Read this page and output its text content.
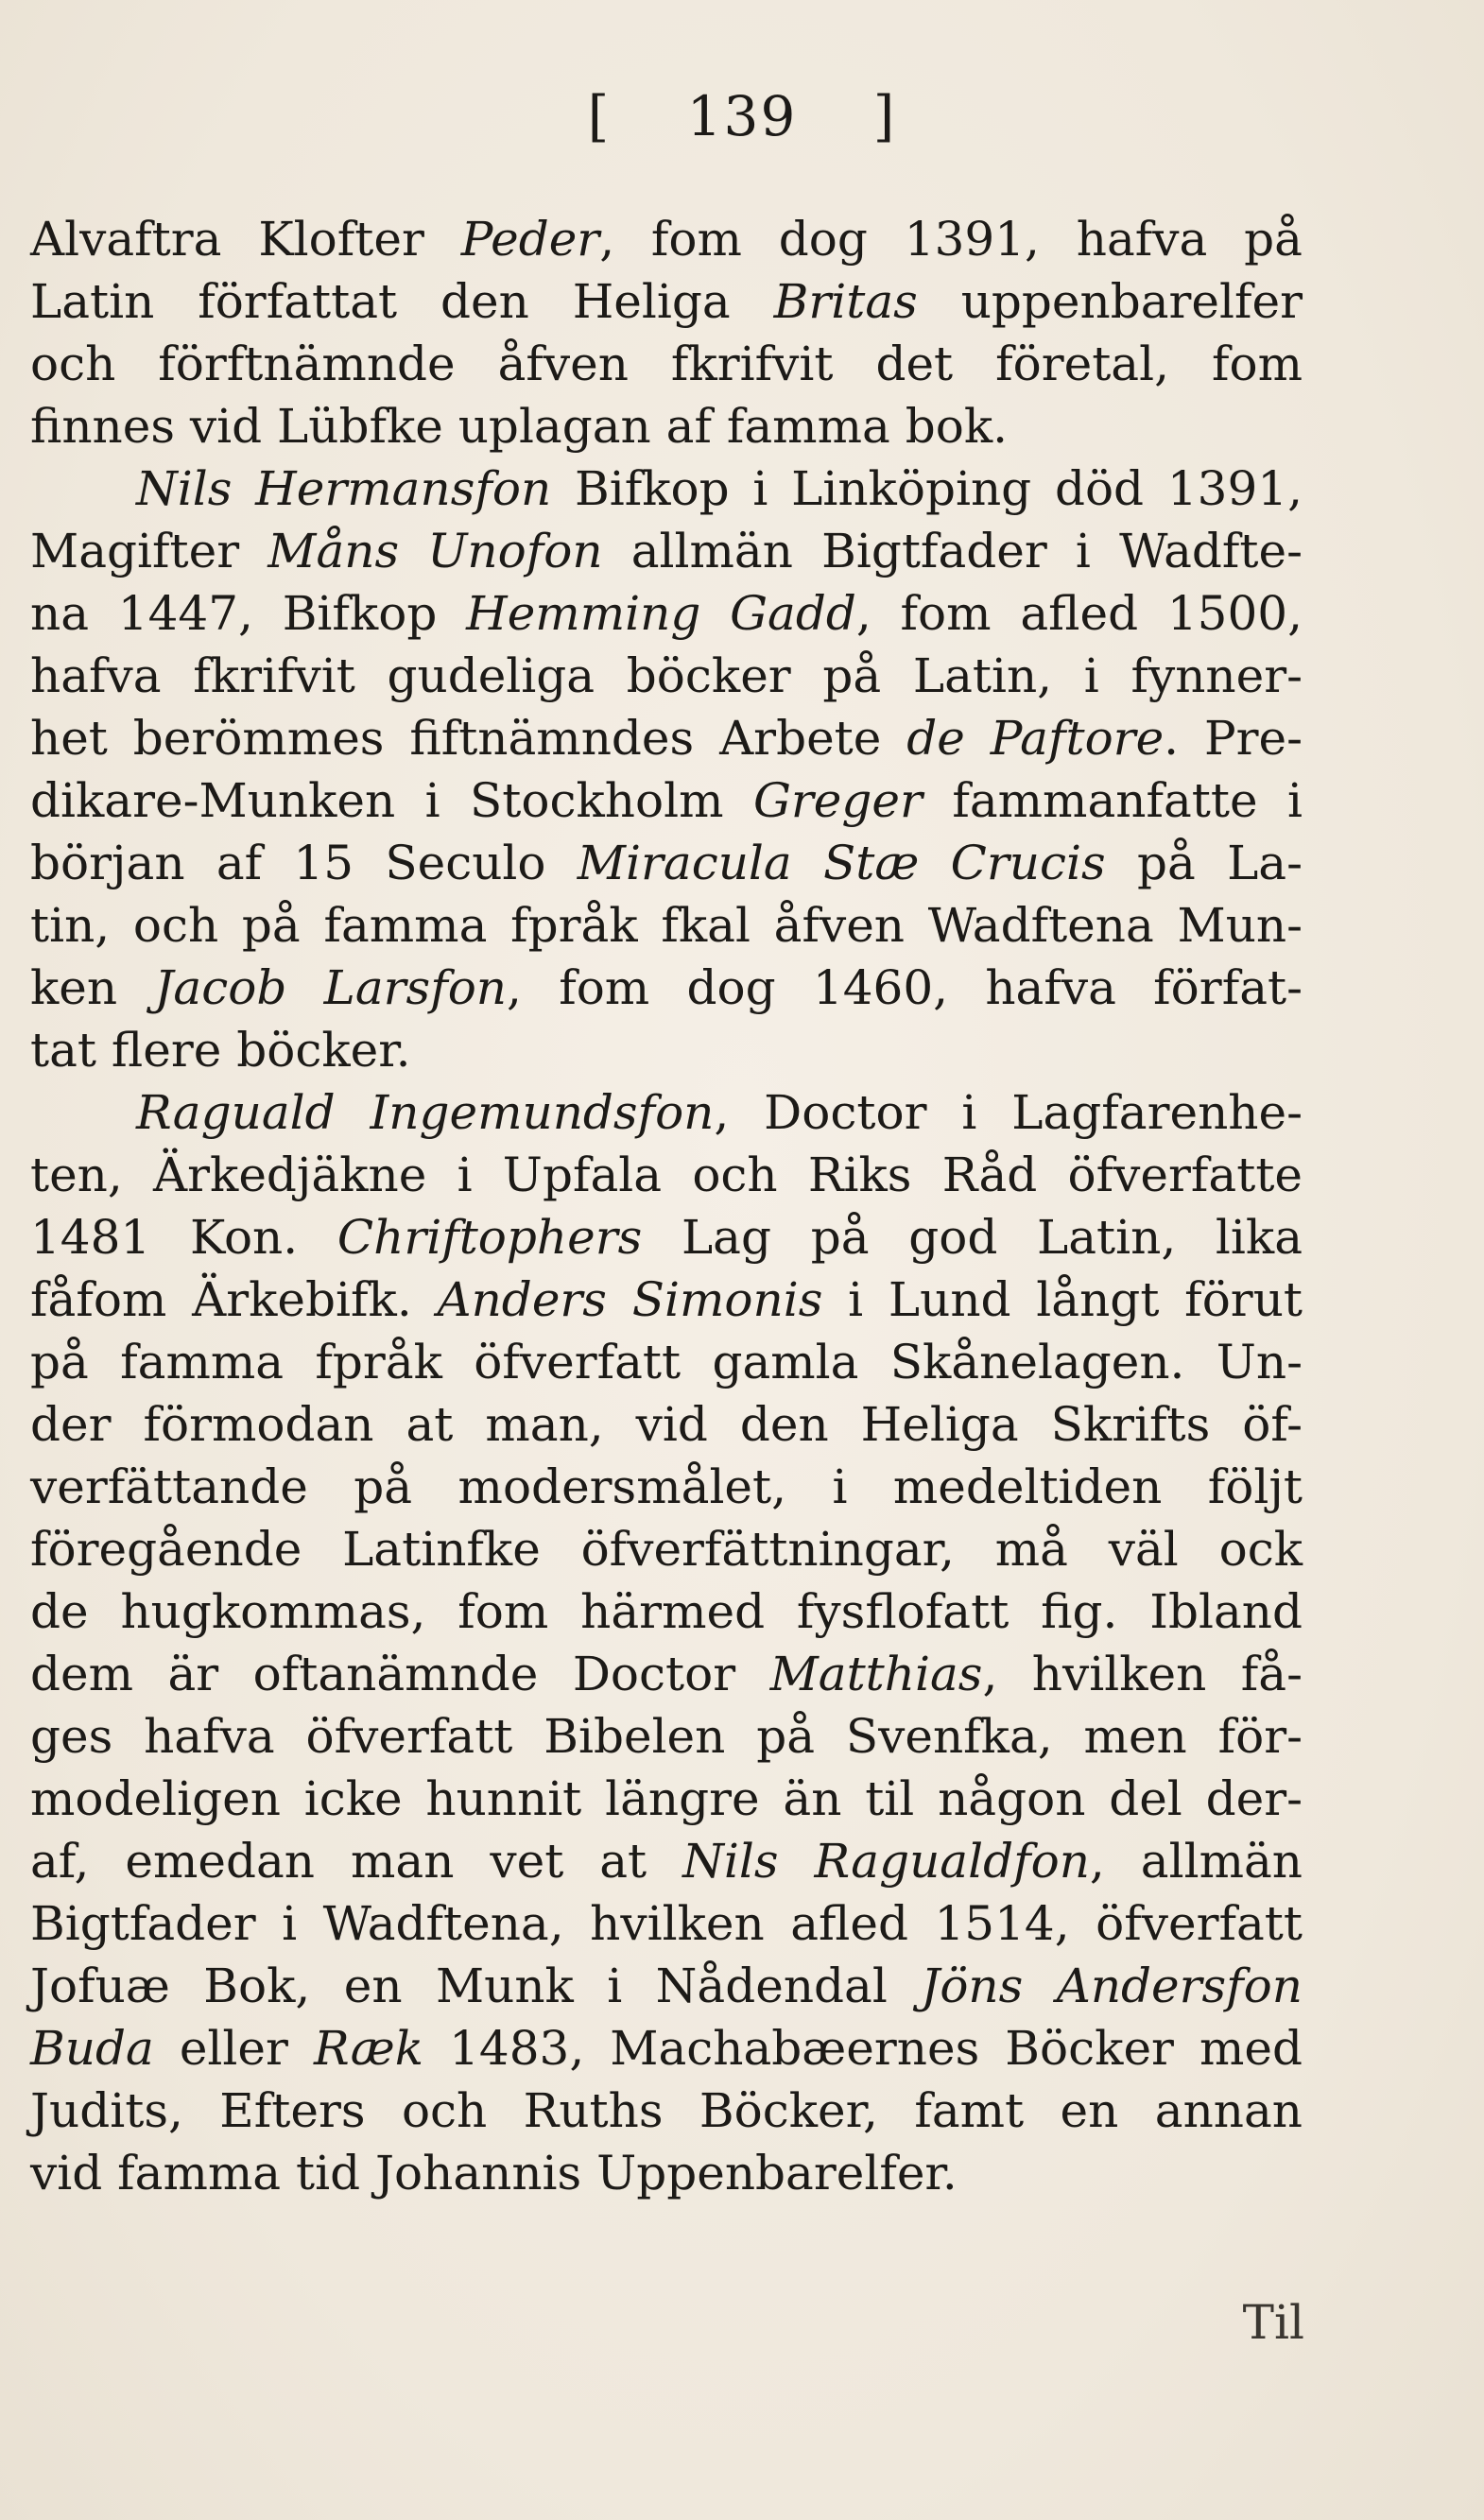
[ 139 ]
Alvaftra Klofter Peder, fom dog 1391, hafva på
Latin författat den Heliga Britas uppenbarelfer
och förftnämnde åfven fkrifvit det företal, fom
finnes vid Lübfke uplagan af famma bok.
Nils Hermansfon Bifkop i Linköping död 1391,
Magifter Måns Unofon allmän Bigtfader i Wadfte-
na 1447, Bifkop Hemming Gadd, fom afled 1500,
hafva fkrifvit gudeliga böcker på Latin, i fynner-
het berömmes fiftnämndes Arbete de Paftore. Pre-
dikare-Munken i Stockholm Greger fammanfatte i
början af 15 Seculo Miracula Stæ Crucis på La-
tin, och på famma fpråk fkal åfven Wadftena Mun-
ken Jacob Larsfon, fom dog 1460, hafva förfat-
tat flere böcker.
Raguald Ingemundsfon, Doctor i Lagfarenhe-
ten, Ärkedjäkne i Upfala och Riks Råd öfverfatte
1481 Kon. Chriftophers Lag på god Latin, lika
fåfom Ärkebifk. Anders Simonis i Lund långt förut
på famma fpråk öfverfatt gamla Skånelagen. Un-
der förmodan at man, vid den Heliga Skrifts öf-
verfättande på modersmålet, i medeltiden följt
föregående Latinfke öfverfättningar, må väl ock
de hugkommas, fom härmed fysflofatt fig. Ibland
dem är oftanämnde Doctor Matthias, hvilken få-
ges hafva öfverfatt Bibelen på Svenfka, men för-
modeligen icke hunnit längre än til någon del der-
af, emedan man vet at Nils Ragualdfon, allmän
Bigtfader i Wadftena, hvilken afled 1514, öfverfatt
Jofuæ Bok, en Munk i Nådendal Jöns Andersfon
Buda eller Ræk 1483, Machabæernes Böcker med
Judits, Efters och Ruths Böcker, famt en annan
vid famma tid Johannis Uppenbarelfer.
Til
